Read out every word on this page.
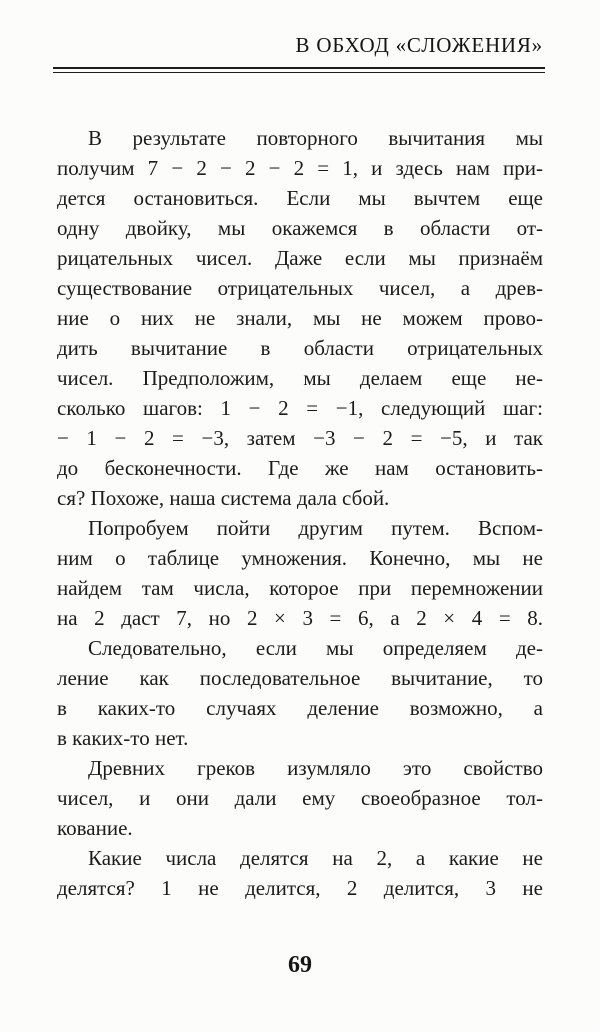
В ОБХОД «СЛОЖЕНИЯ»
В результате повторного вычитания мы
получим 7 − 2 − 2 − 2 = 1, и здесь нам при-
дется остановиться. Если мы вычтем еще
одну двойку, мы окажемся в области от-
рицательных чисел. Даже если мы признаём
существование отрицательных чисел, а древ-
ние о них не знали, мы не можем прово-
дить вычитание в области отрицательных
чисел. Предположим, мы делаем еще не-
сколько шагов: 1 − 2 = −1, следующий шаг:
− 1 − 2 = −3, затем −3 − 2 = −5, и так
до бесконечности. Где же нам остановить-
ся? Похоже, наша система дала сбой.
Попробуем пойти другим путем. Вспом-
ним о таблице умножения. Конечно, мы не
найдем там числа, которое при перемножении
на 2 даст 7, но 2 × 3 = 6, а 2 × 4 = 8.
Следовательно, если мы определяем де-
ление как последовательное вычитание, то
в каких-то случаях деление возможно, а
в каких-то нет.
Древних греков изумляло это свойство
чисел, и они дали ему своеобразное тол-
кование.
Какие числа делятся на 2, а какие не
делятся? 1 не делится, 2 делится, 3 не
69
